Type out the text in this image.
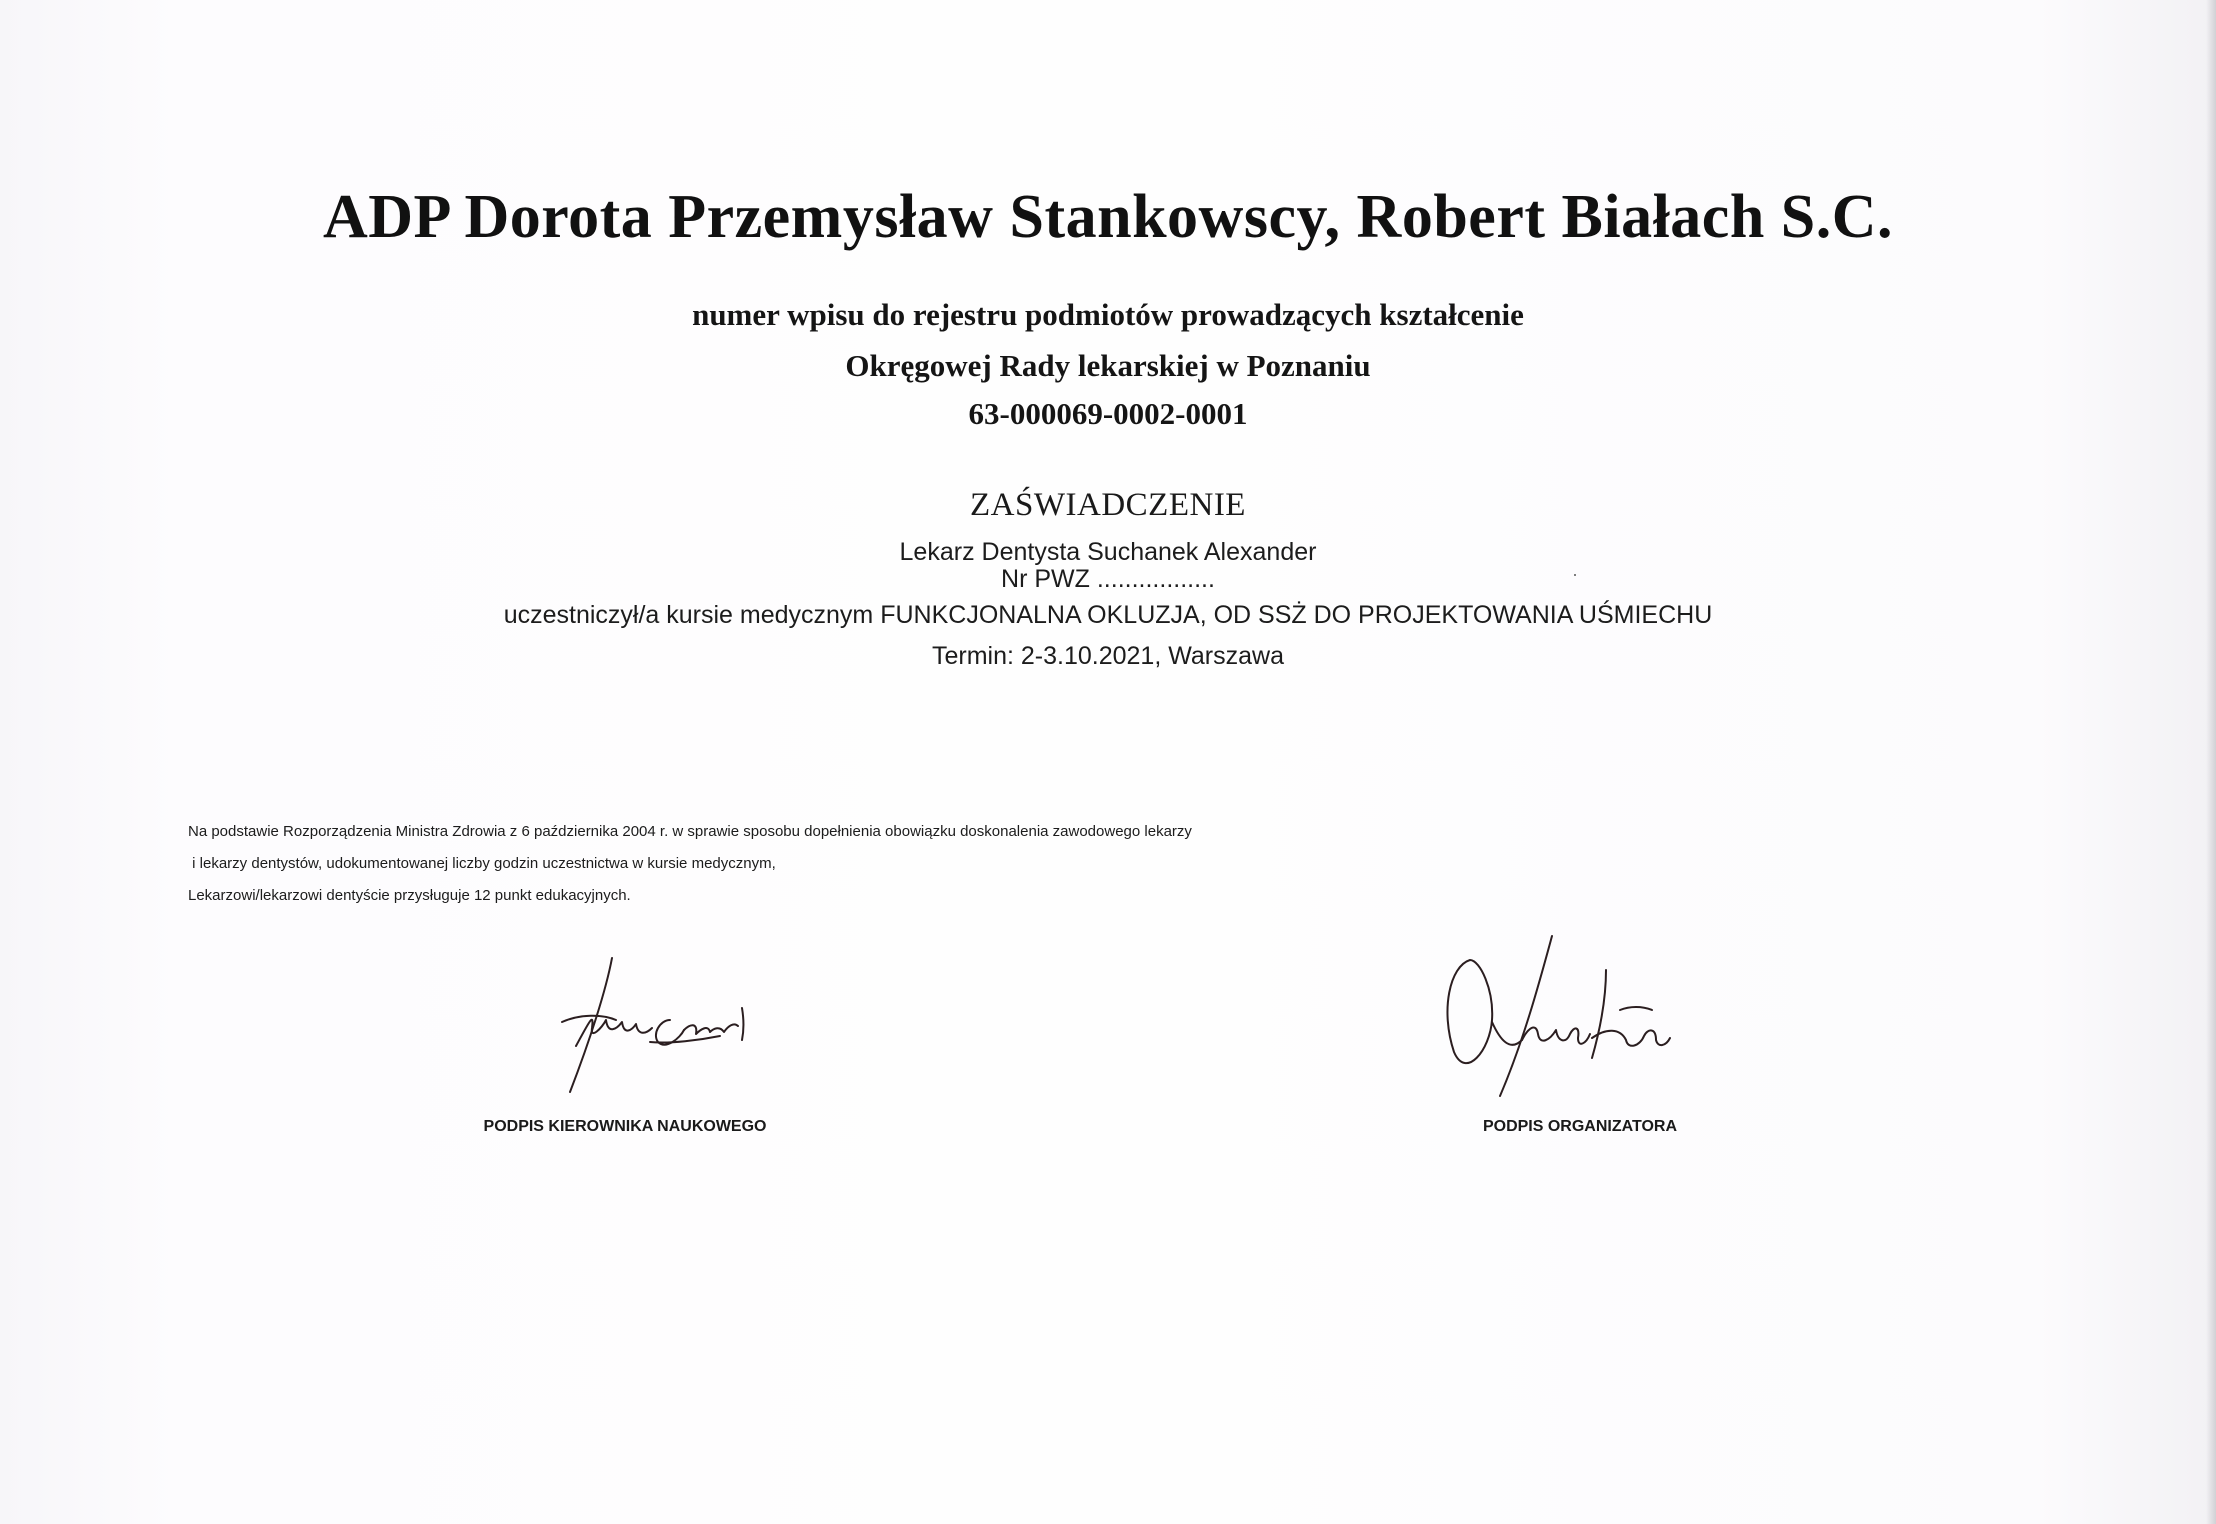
ADP Dorota Przemysław Stankowscy, Robert Białach S.C.
numer wpisu do rejestru podmiotów prowadzących kształcenie
Okręgowej Rady lekarskiej w Poznaniu
63-000069-0002-0001
ZAŚWIADCZENIE
Lekarz Dentysta Suchanek Alexander
Nr PWZ .................
uczestniczył/a kursie medycznym FUNKCJONALNA OKLUZJA, OD SSŻ DO PROJEKTOWANIA UŚMIECHU
Termin: 2-3.10.2021, Warszawa
Na podstawie Rozporządzenia Ministra Zdrowia z 6 października 2004 r. w sprawie sposobu dopełnienia obowiązku doskonalenia zawodowego lekarzy
i lekarzy dentystów, udokumentowanej liczby godzin uczestnictwa w kursie medycznym,
Lekarzowi/lekarzowi dentyście przysługuje 12 punkt edukacyjnych.
PODPIS KIEROWNIKA NAUKOWEGO	PODPIS ORGANIZATORA
